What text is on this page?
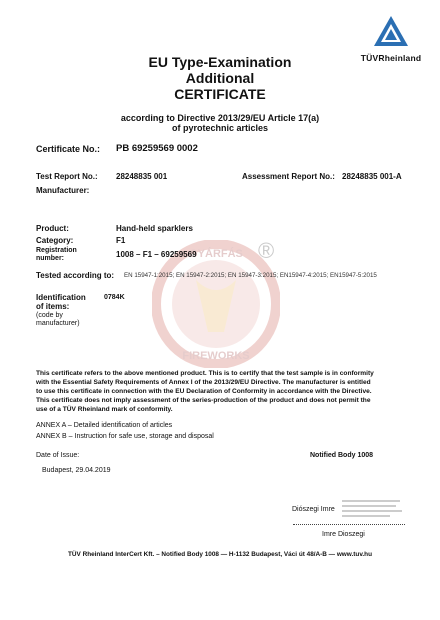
GYÁRFÁS
FIREWORKS
®
TÜVRheinland
EU Type-Examination
Additional
CERTIFICATE
according to Directive 2013/29/EU Article 17(a)
of pyrotechnic articles
Certificate No.: PB 69259569 0002
Test Report No.: 28248835 001	Assessment Report No.: 28248835 001-A
Manufacturer:
Product:	Hand-held sparklers
Category:	F1
Registration
number:	1008 – F1 – 69259569
Tested according to: EN 15947-1:2015; EN 15947-2:2015; EN 15947-3:2015; EN15947-4:2015; EN15947-5:2015
Identification
of items:
(code by
manufacturer)
0784K
This certificate refers to the above mentioned product. This is to certify that the test sample is in conformity
with the Essential Safety Requirements of Annex I of the 2013/29/EU Directive. The manufacturer is entitled
to use this certificate in connection with the EU Declaration of Conformity in accordance with the Directive.
This certificate does not imply assessment of the series-production of the product and does not permit the
use of a TÜV Rheinland mark of conformity.
ANNEX A – Detailed identification of articles
ANNEX B – Instruction for safe use, storage and disposal
Date of Issue:	Notified Body 1008
Budapest, 29.04.2019
Diószegi Imre
Imre Dioszegi
TÜV Rheinland InterCert Kft. – Notified Body 1008 — H-1132 Budapest, Váci út 48/A-B — www.tuv.hu
